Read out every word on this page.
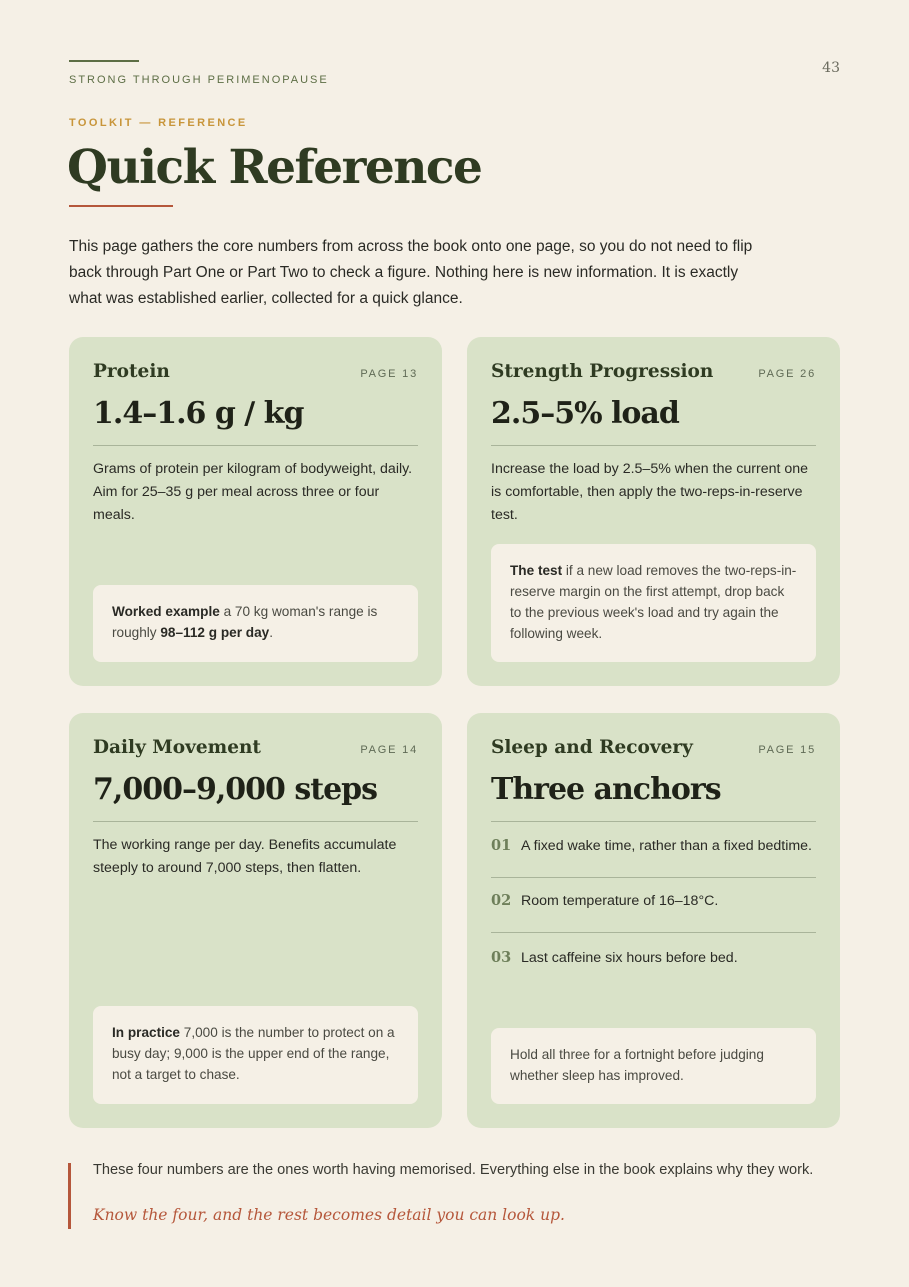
STRONG THROUGH PERIMENOPAUSE
43
TOOLKIT — REFERENCE
Quick Reference
This page gathers the core numbers from across the book onto one page, so you do not need to flip back through Part One or Part Two to check a figure. Nothing here is new information. It is exactly what was established earlier, collected for a quick glance.
Protein	PAGE 13
1.4–1.6 g / kg
Grams of protein per kilogram of bodyweight, daily. Aim for 25–35 g per meal across three or four meals.
Worked example a 70 kg woman's range is roughly 98–112 g per day.
Strength Progression	PAGE 26
2.5–5% load
Increase the load by 2.5–5% when the current one is comfortable, then apply the two-reps-in-reserve test.
The test if a new load removes the two-reps-in-reserve margin on the first attempt, drop back to the previous week's load and try again the following week.
Daily Movement	PAGE 14
7,000–9,000 steps
The working range per day. Benefits accumulate steeply to around 7,000 steps, then flatten.
In practice 7,000 is the number to protect on a busy day; 9,000 is the upper end of the range, not a target to chase.
Sleep and Recovery	PAGE 15
Three anchors
01 A fixed wake time, rather than a fixed bedtime.
02 Room temperature of 16–18°C.
03 Last caffeine six hours before bed.
Hold all three for a fortnight before judging whether sleep has improved.
These four numbers are the ones worth having memorised. Everything else in the book explains why they work.
Know the four, and the rest becomes detail you can look up.
